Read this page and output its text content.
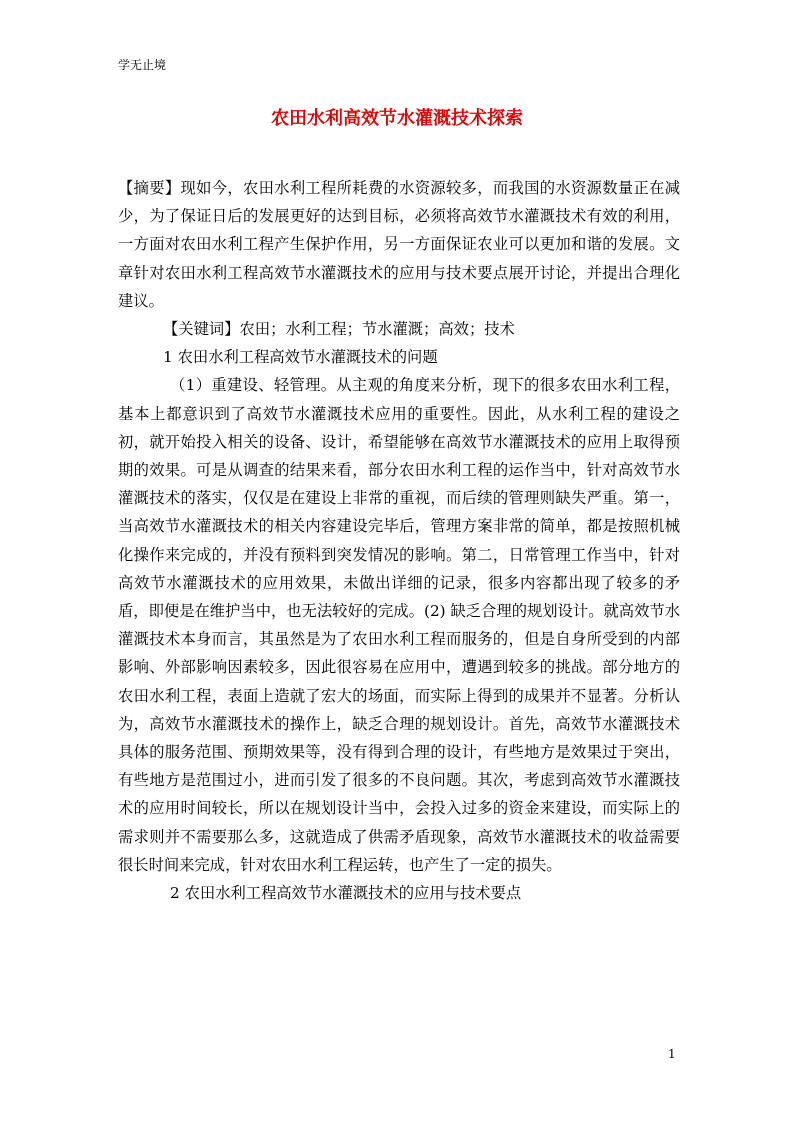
学无止境
农田水利高效节水灌溉技术探索

【摘要】现如今，农田水利工程所耗费的水资源较多，而我国的水资源数量正在减少，为了保证日后的发展更好的达到目标，必须将高效节水灌溉技术有效的利用，一方面对农田水利工程产生保护作用，另一方面保证农业可以更加和谐的发展。文章针对农田水利工程高效节水灌溉技术的应用与技术要点展开讨论，并提出合理化建议。

【关键词】农田；水利工程；节水灌溉；高效；技术

1 农田水利工程高效节水灌溉技术的问题

（1）重建设、轻管理。从主观的角度来分析，现下的很多农田水利工程，基本上都意识到了高效节水灌溉技术应用的重要性。因此，从水利工程的建设之初，就开始投入相关的设备、设计，希望能够在高效节水灌溉技术的应用上取得预期的效果。可是从调查的结果来看，部分农田水利工程的运作当中，针对高效节水灌溉技术的落实，仅仅是在建设上非常的重视，而后续的管理则缺失严重。第一，当高效节水灌溉技术的相关内容建设完毕后，管理方案非常的简单，都是按照机械化操作来完成的，并没有预料到突发情况的影响。第二，日常管理工作当中，针对高效节水灌溉技术的应用效果，未做出详细的记录，很多内容都出现了较多的矛盾，即便是在维护当中，也无法较好的完成。(2) 缺乏合理的规划设计。就高效节水灌溉技术本身而言，其虽然是为了农田水利工程而服务的，但是自身所受到的内部影响、外部影响因素较多，因此很容易在应用中，遭遇到较多的挑战。部分地方的农田水利工程，表面上造就了宏大的场面，而实际上得到的成果并不显著。分析认为，高效节水灌溉技术的操作上，缺乏合理的规划设计。首先，高效节水灌溉技术具体的服务范围、预期效果等，没有得到合理的设计，有些地方是效果过于突出，有些地方是范围过小，进而引发了很多的不良问题。其次，考虑到高效节水灌溉技术的应用时间较长，所以在规划设计当中，会投入过多的资金来建设，而实际上的需求则并不需要那么多，这就造成了供需矛盾现象，高效节水灌溉技术的收益需要很长时间来完成，针对农田水利工程运转，也产生了一定的损失。

2 农田水利工程高效节水灌溉技术的应用与技术要点

1
